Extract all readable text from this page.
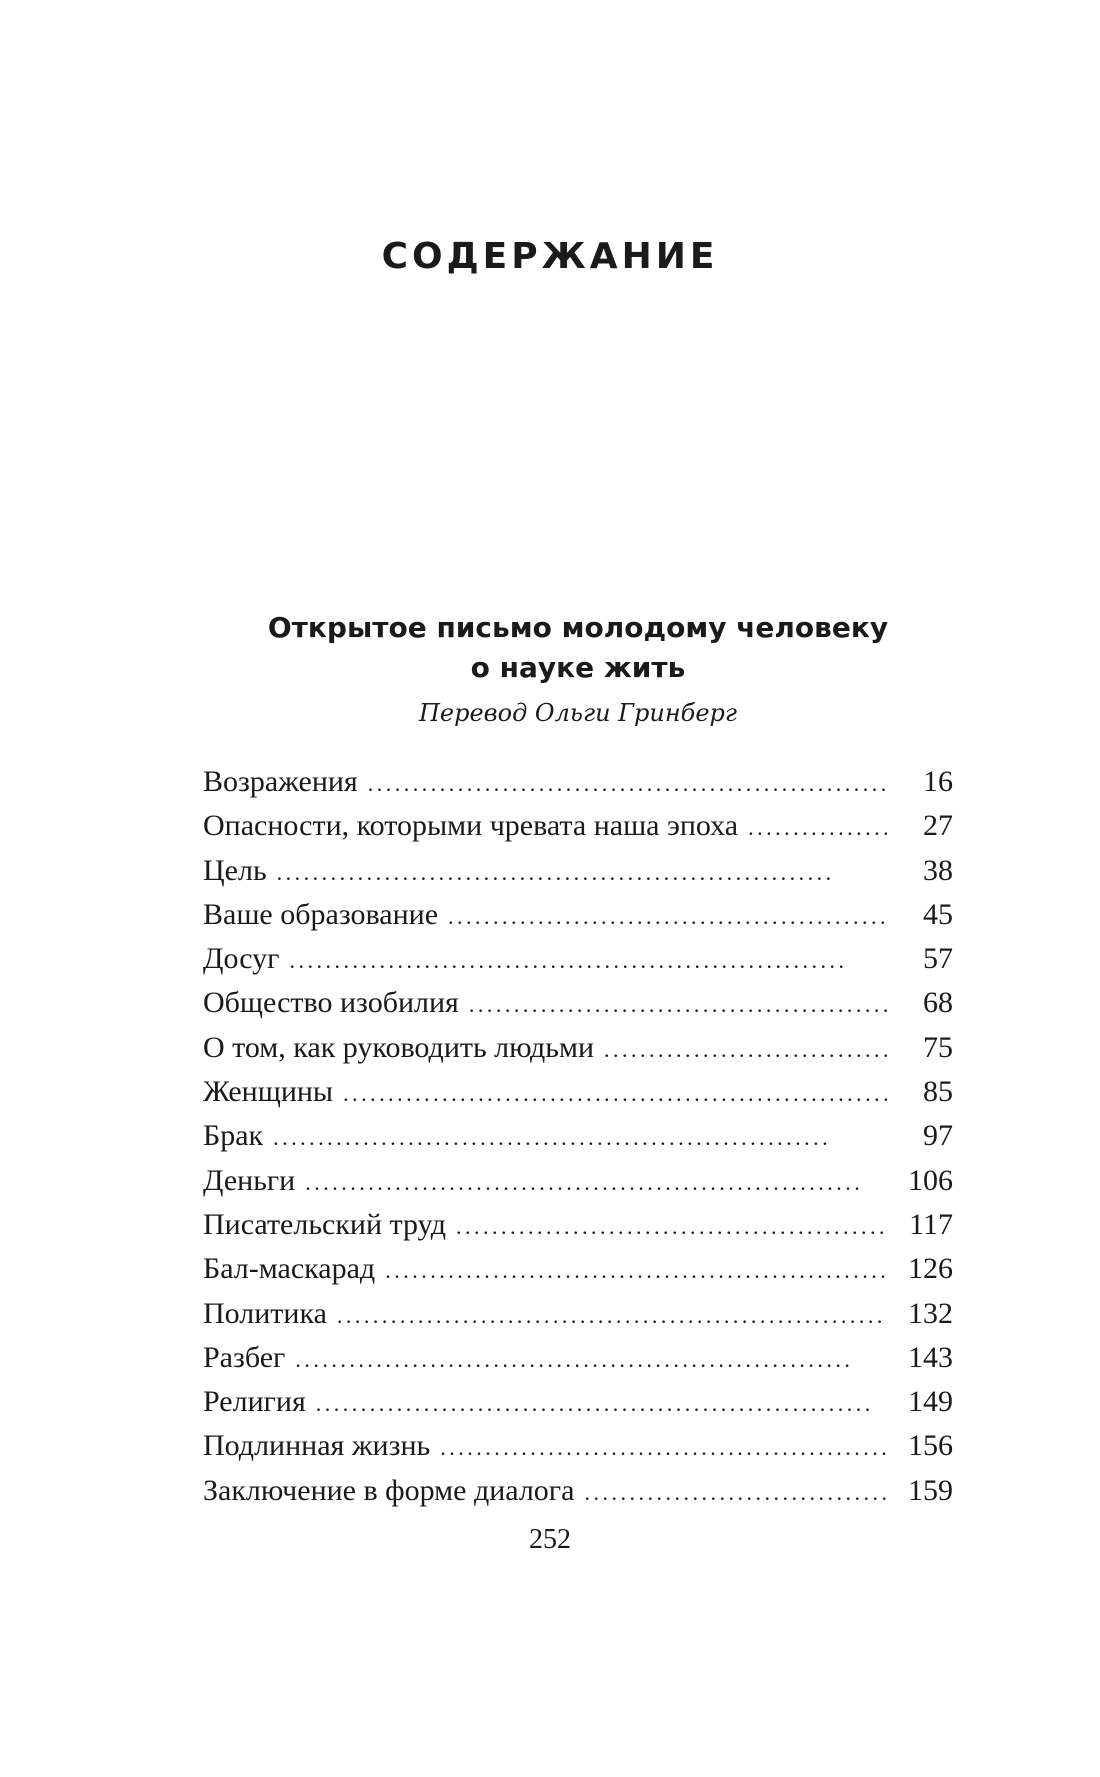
СОДЕРЖАНИЕ
Открытое письмо молодому человеку
о науке жить
Перевод Ольги Гринберг
Возражения . . .	16
Опасности, которыми чревата наша эпоха . . .	27
Цель . . .	38
Ваше образование . . .	45
Досуг . . .	57
Общество изобилия . . .	68
О том, как руководить людьми . . .	75
Женщины . . .	85
Брак . . .	97
Деньги . . .	106
Писательский труд . . .	117
Бал-маскарад . . .	126
Политика . . .	132
Разбег . . .	143
Религия . . .	149
Подлинная жизнь . . .	156
Заключение в форме диалога . . .	159
252
